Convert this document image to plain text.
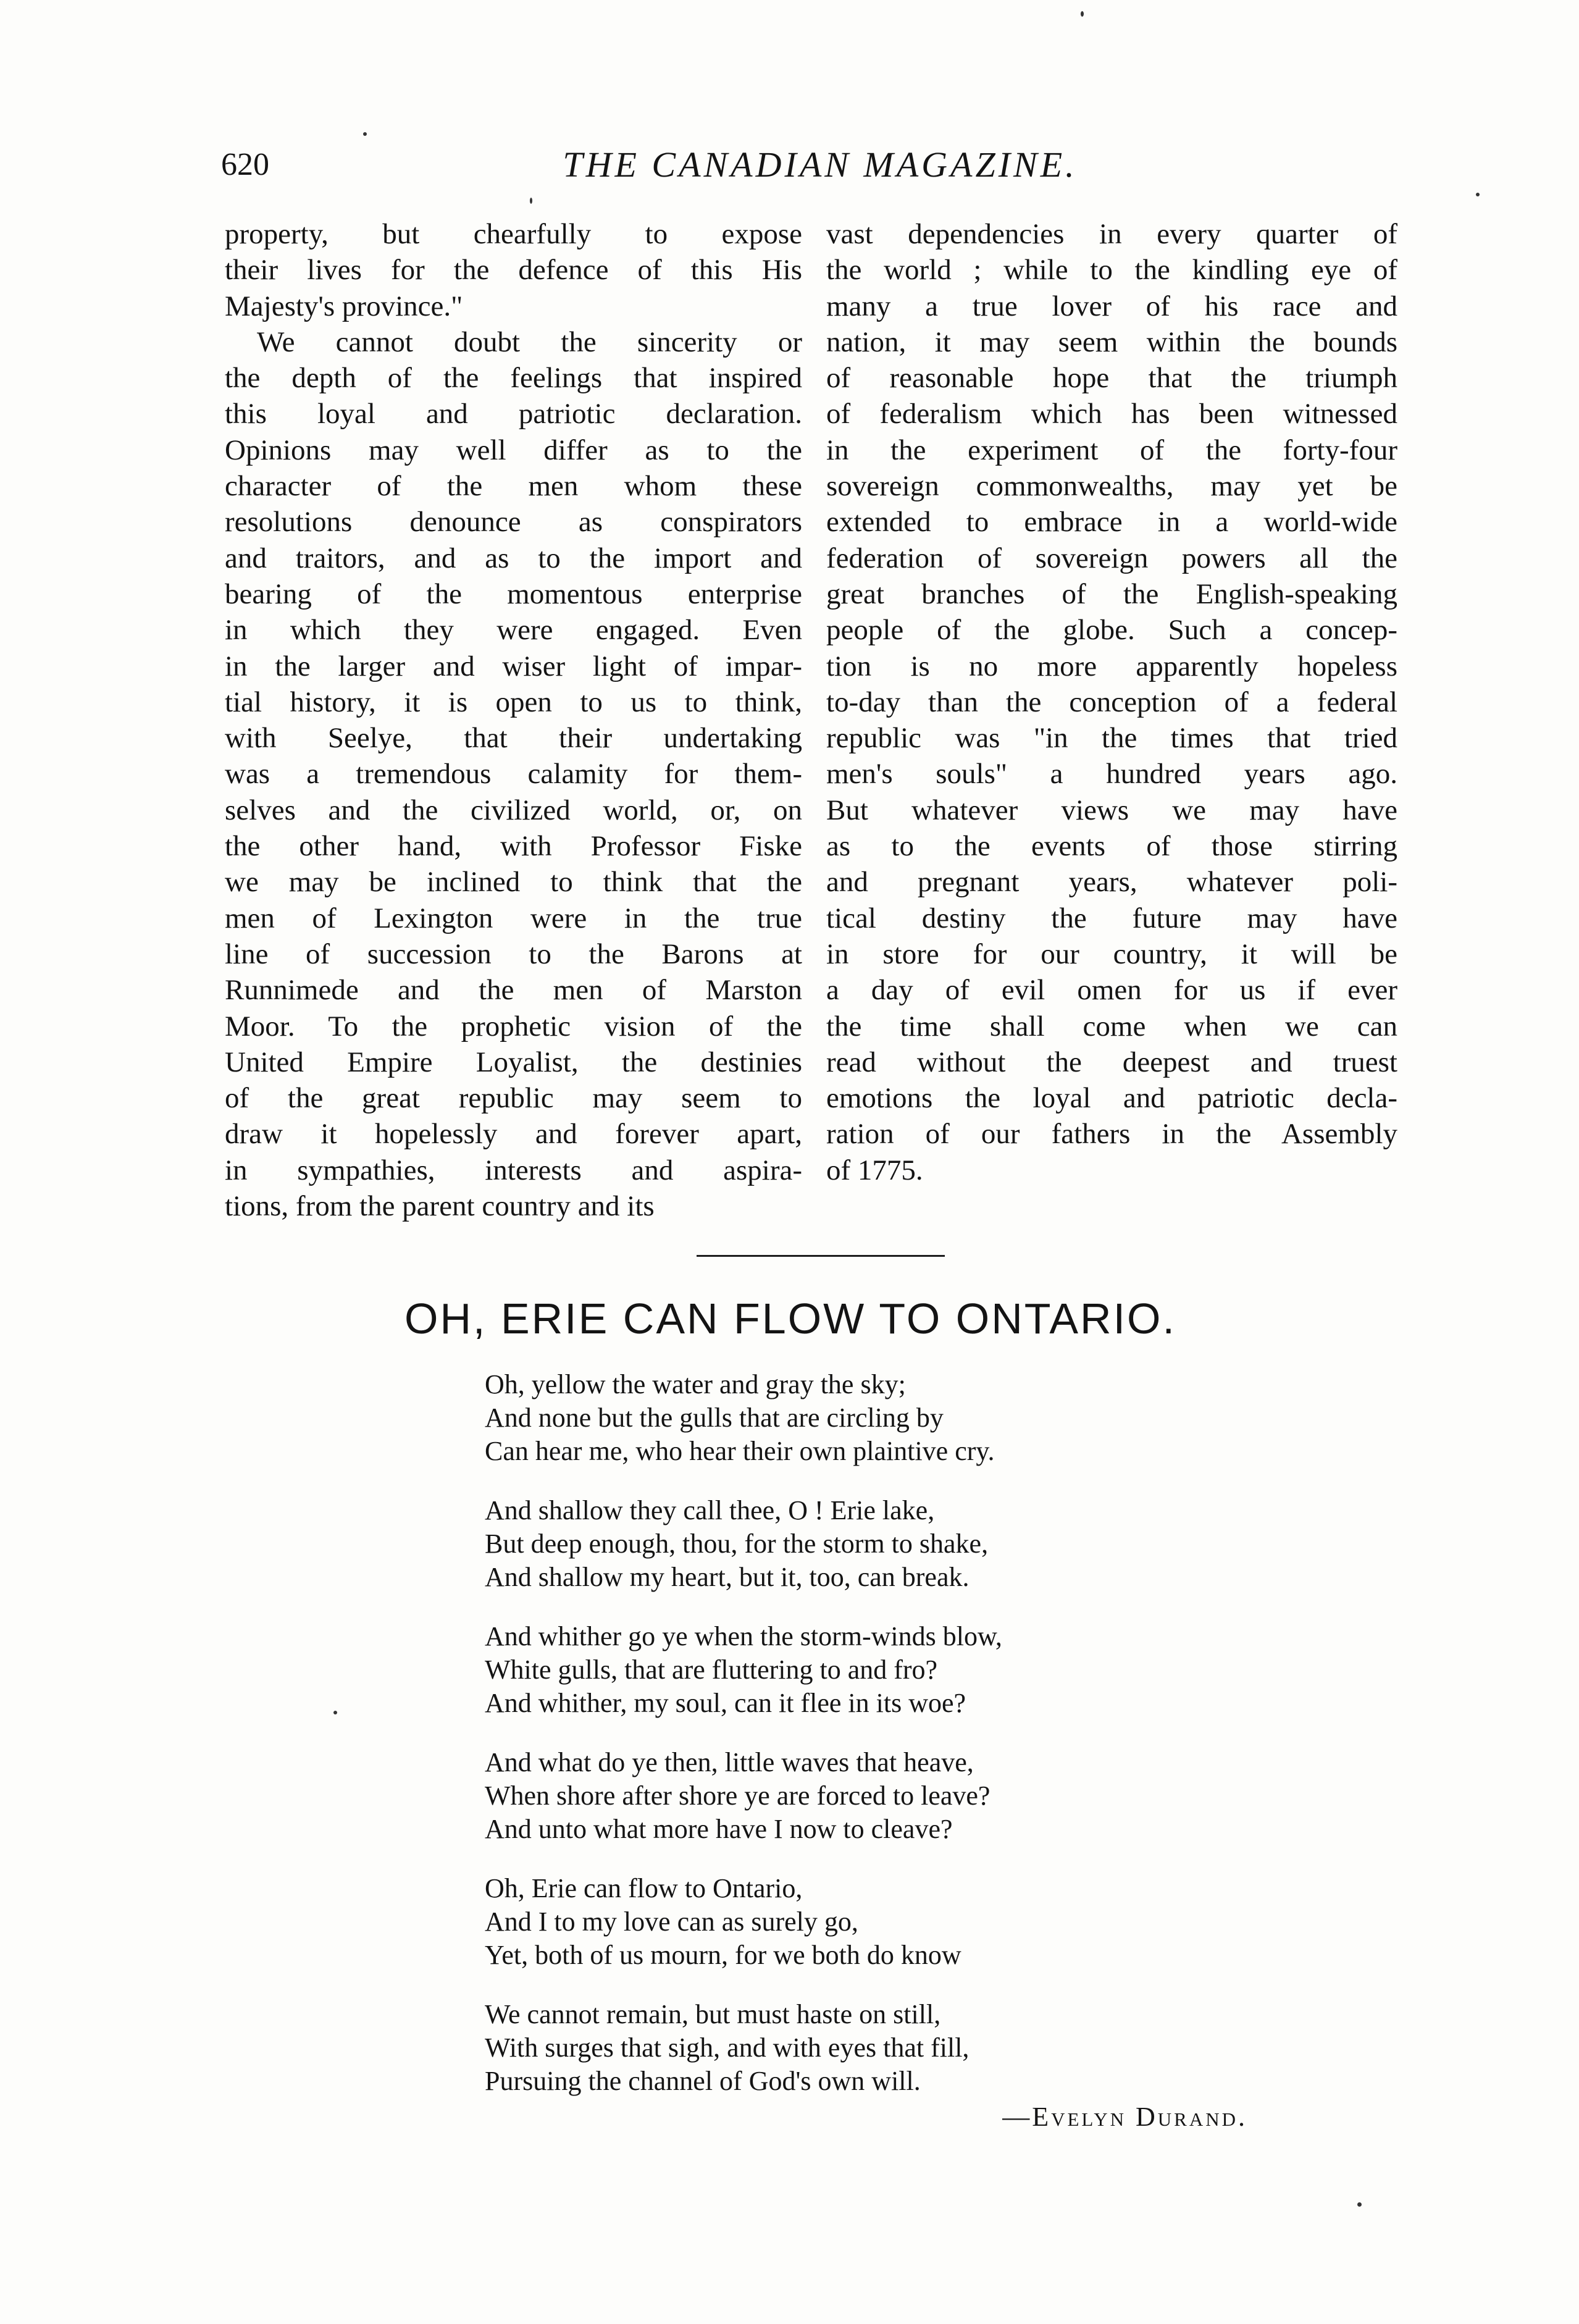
620	THE CANADIAN MAGAZINE.
property, but chearfully to expose
their lives for the defence of this His
Majesty's province."
We cannot doubt the sincerity or
the depth of the feelings that inspired
this loyal and patriotic declaration.
Opinions may well differ as to the
character of the men whom these
resolutions denounce as conspirators
and traitors, and as to the import and
bearing of the momentous enterprise
in which they were engaged. Even
in the larger and wiser light of impar-
tial history, it is open to us to think,
with Seelye, that their undertaking
was a tremendous calamity for them-
selves and the civilized world, or, on
the other hand, with Professor Fiske
we may be inclined to think that the
men of Lexington were in the true
line of succession to the Barons at
Runnimede and the men of Marston
Moor. To the prophetic vision of the
United Empire Loyalist, the destinies
of the great republic may seem to
draw it hopelessly and forever apart,
in sympathies, interests and aspira-
tions, from the parent country and its
vast dependencies in every quarter of
the world ; while to the kindling eye of
many a true lover of his race and
nation, it may seem within the bounds
of reasonable hope that the triumph
of federalism which has been witnessed
in the experiment of the forty-four
sovereign commonwealths, may yet be
extended to embrace in a world-wide
federation of sovereign powers all the
great branches of the English-speaking
people of the globe. Such a concep-
tion is no more apparently hopeless
to-day than the conception of a federal
republic was "in the times that tried
men's souls" a hundred years ago.
But whatever views we may have
as to the events of those stirring
and pregnant years, whatever poli-
tical destiny the future may have
in store for our country, it will be
a day of evil omen for us if ever
the time shall come when we can
read without the deepest and truest
emotions the loyal and patriotic decla-
ration of our fathers in the Assembly
of 1775.
OH, ERIE CAN FLOW TO ONTARIO.
Oh, yellow the water and gray the sky;
And none but the gulls that are circling by
Can hear me, who hear their own plaintive cry.
And shallow they call thee, O ! Erie lake,
But deep enough, thou, for the storm to shake,
And shallow my heart, but it, too, can break.
And whither go ye when the storm-winds blow,
White gulls, that are fluttering to and fro?
And whither, my soul, can it flee in its woe?
And what do ye then, little waves that heave,
When shore after shore ye are forced to leave?
And unto what more have I now to cleave?
Oh, Erie can flow to Ontario,
And I to my love can as surely go,
Yet, both of us mourn, for we both do know
We cannot remain, but must haste on still,
With surges that sigh, and with eyes that fill,
Pursuing the channel of God's own will.
—Evelyn Durand.
